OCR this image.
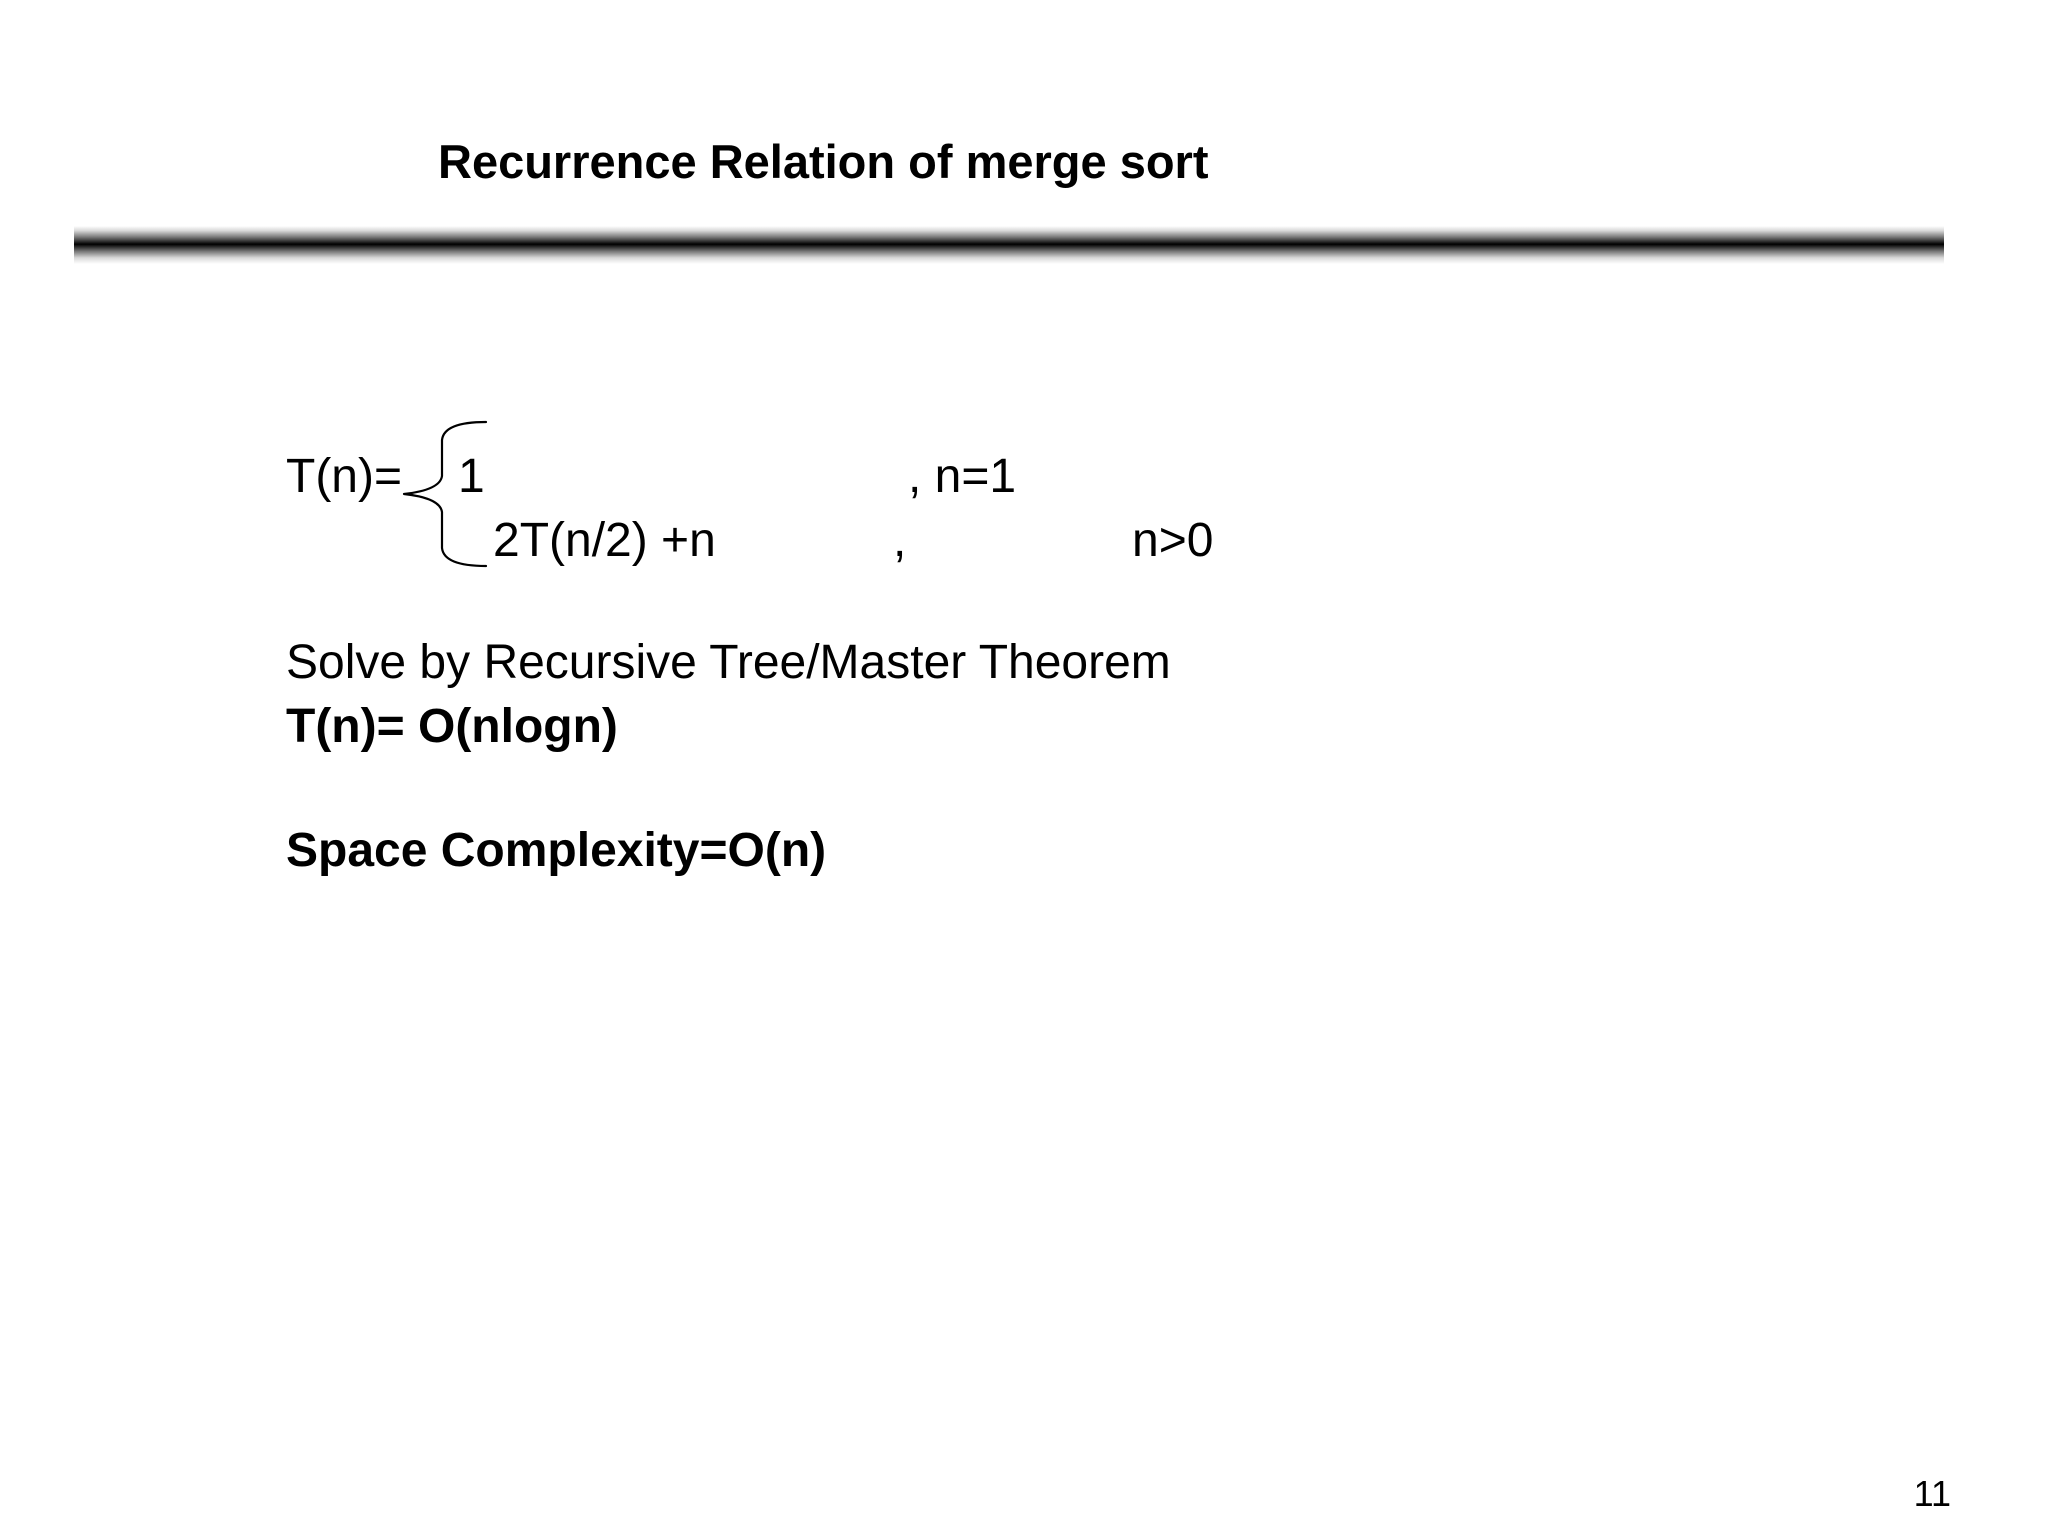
Recurrence Relation of merge sort
T(n)= 1	, n=1
2T(n/2) +n	,	n>0
Solve by Recursive Tree/Master Theorem
T(n)= O(nlogn)
Space Complexity=O(n)
11
